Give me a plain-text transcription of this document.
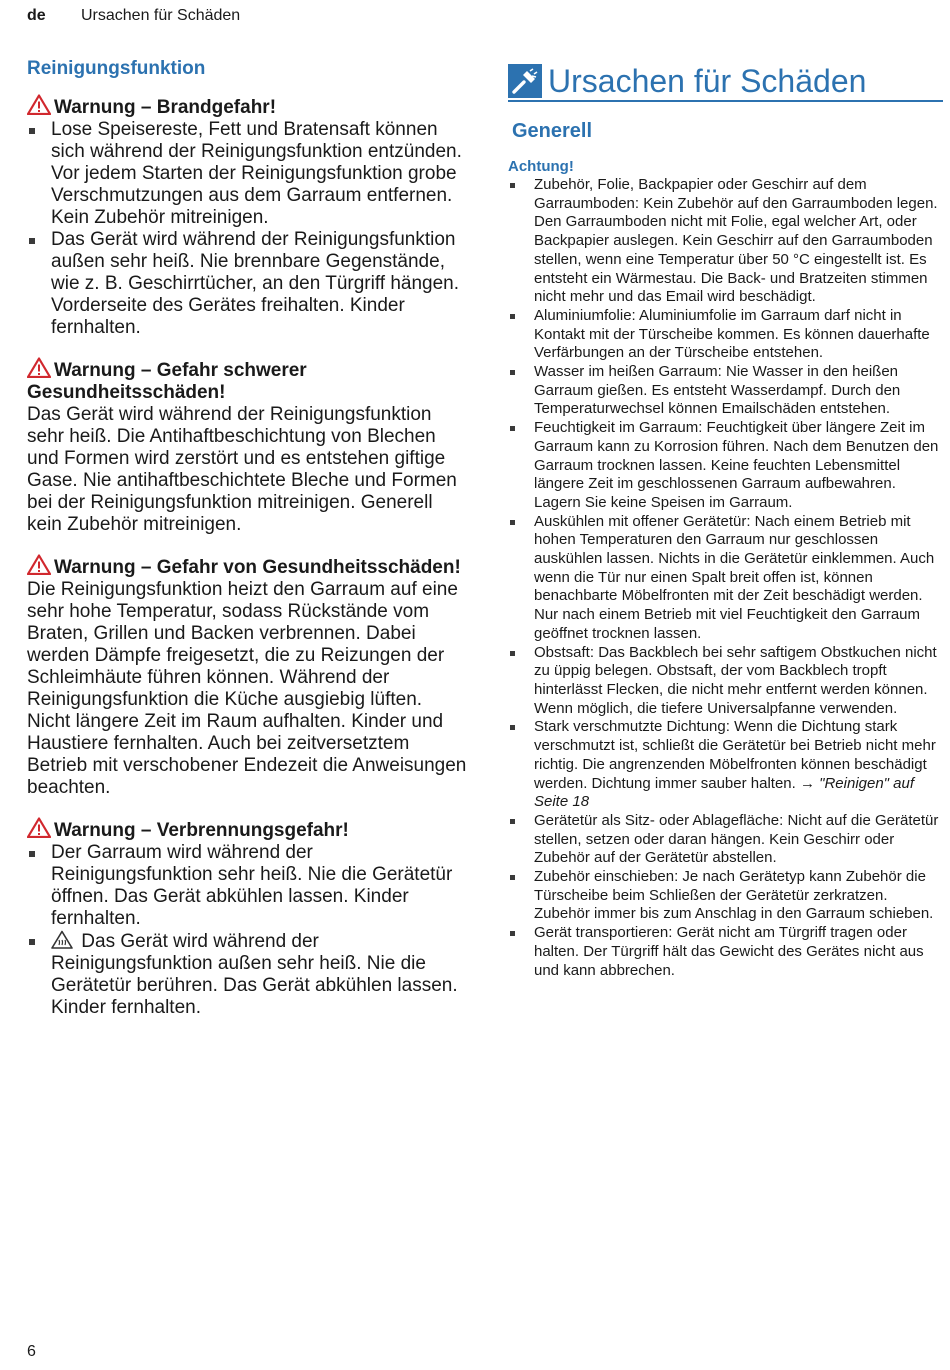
de Ursachen für Schäden
Reinigungsfunktion
Warnung – Brandgefahr!
Lose Speisereste, Fett und Bratensaft können sich während der Reinigungsfunktion entzünden. Vor jedem Starten der Reinigungsfunktion grobe Verschmutzungen aus dem Garraum entfernen. Kein Zubehör mitreinigen.
Das Gerät wird während der Reinigungsfunktion außen sehr heiß. Nie brennbare Gegenstände, wie z. B. Geschirrtücher, an den Türgriff hängen. Vorderseite des Gerätes freihalten. Kinder fernhalten.
Warnung – Gefahr schwerer Gesundheitsschäden!
Das Gerät wird während der Reinigungsfunktion sehr heiß. Die Antihaftbeschichtung von Blechen und Formen wird zerstört und es entstehen giftige Gase. Nie antihaftbeschichtete Bleche und Formen bei der Reinigungsfunktion mitreinigen. Generell kein Zubehör mitreinigen.
Warnung – Gefahr von Gesundheitsschäden!
Die Reinigungsfunktion heizt den Garraum auf eine sehr hohe Temperatur, sodass Rückstände vom Braten, Grillen und Backen verbrennen. Dabei werden Dämpfe freigesetzt, die zu Reizungen der Schleimhäute führen können. Während der Reinigungsfunktion die Küche ausgiebig lüften. Nicht längere Zeit im Raum aufhalten. Kinder und Haustiere fernhalten. Auch bei zeitversetztem Betrieb mit verschobener Endezeit die Anweisungen beachten.
Warnung – Verbrennungsgefahr!
Der Garraum wird während der Reinigungsfunktion sehr heiß. Nie die Gerätetür öffnen. Das Gerät abkühlen lassen. Kinder fernhalten.
Das Gerät wird während der Reinigungsfunktion außen sehr heiß. Nie die Gerätetür berühren. Das Gerät abkühlen lassen. Kinder fernhalten.
Ursachen für Schäden
Generell
Achtung!
Zubehör, Folie, Backpapier oder Geschirr auf dem Garraumboden: Kein Zubehör auf den Garraumboden legen. Den Garraumboden nicht mit Folie, egal welcher Art, oder Backpapier auslegen. Kein Geschirr auf den Garraumboden stellen, wenn eine Temperatur über 50 °C eingestellt ist. Es entsteht ein Wärmestau. Die Back- und Bratzeiten stimmen nicht mehr und das Email wird beschädigt.
Aluminiumfolie: Aluminiumfolie im Garraum darf nicht in Kontakt mit der Türscheibe kommen. Es können dauerhafte Verfärbungen an der Türscheibe entstehen.
Wasser im heißen Garraum: Nie Wasser in den heißen Garraum gießen. Es entsteht Wasserdampf. Durch den Temperaturwechsel können Emailschäden entstehen.
Feuchtigkeit im Garraum: Feuchtigkeit über längere Zeit im Garraum kann zu Korrosion führen. Nach dem Benutzen den Garraum trocknen lassen. Keine feuchten Lebensmittel längere Zeit im geschlossenen Garraum aufbewahren. Lagern Sie keine Speisen im Garraum.
Auskühlen mit offener Gerätetür: Nach einem Betrieb mit hohen Temperaturen den Garraum nur geschlossen auskühlen lassen. Nichts in die Gerätetür einklemmen. Auch wenn die Tür nur einen Spalt breit offen ist, können benachbarte Möbelfronten mit der Zeit beschädigt werden. Nur nach einem Betrieb mit viel Feuchtigkeit den Garraum geöffnet trocknen lassen.
Obstsaft: Das Backblech bei sehr saftigem Obstkuchen nicht zu üppig belegen. Obstsaft, der vom Backblech tropft hinterlässt Flecken, die nicht mehr entfernt werden können. Wenn möglich, die tiefere Universalpfanne verwenden.
Stark verschmutzte Dichtung: Wenn die Dichtung stark verschmutzt ist, schließt die Gerätetür bei Betrieb nicht mehr richtig. Die angrenzenden Möbelfronten können beschädigt werden. Dichtung immer sauber halten. → "Reinigen" auf Seite 18
Gerätetür als Sitz- oder Ablagefläche: Nicht auf die Gerätetür stellen, setzen oder daran hängen. Kein Geschirr oder Zubehör auf der Gerätetür abstellen.
Zubehör einschieben: Je nach Gerätetyp kann Zubehör die Türscheibe beim Schließen der Gerätetür zerkratzen. Zubehör immer bis zum Anschlag in den Garraum schieben.
Gerät transportieren: Gerät nicht am Türgriff tragen oder halten. Der Türgriff hält das Gewicht des Gerätes nicht aus und kann abbrechen.
6
